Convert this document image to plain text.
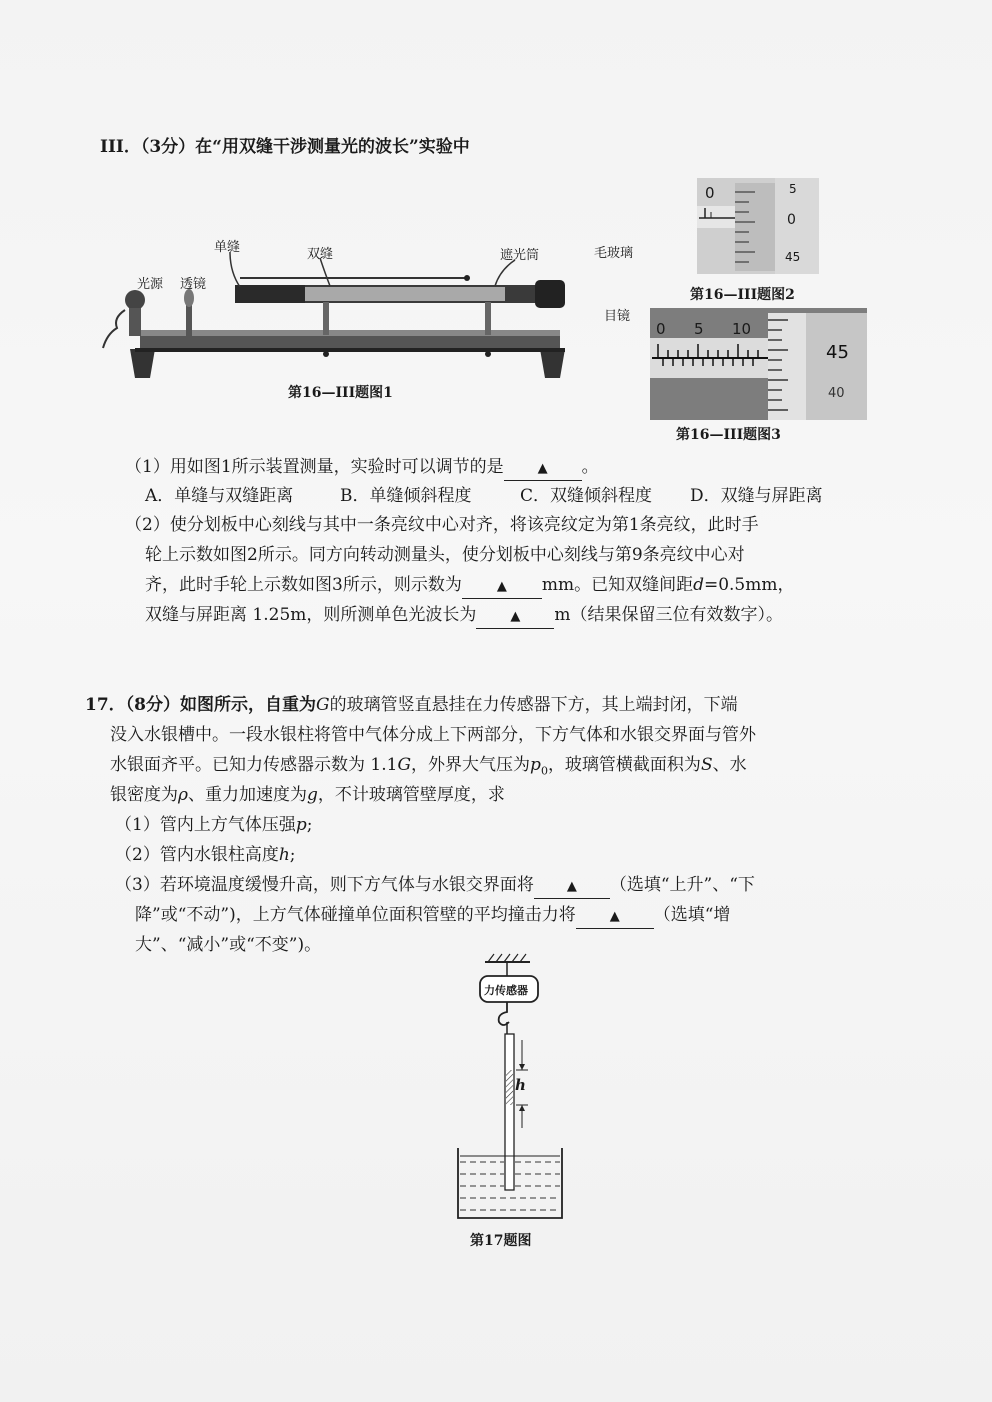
III．（3分）在“用双缝干涉测量光的波长”实验中
单缝	双缝	遮光筒	毛玻璃
光源 透镜
目镜
第16—III题图1
0	5
0
45
第16—III题图2
0 5 10
45
40
第16—III题图3
（1）用如图1所示装置测量，实验时可以调节的是	▲ 。
A．单缝与双缝距离	B．单缝倾斜程度	C．双缝倾斜程度	D．双缝与屏距离
（2）使分划板中心刻线与其中一条亮纹中心对齐，将该亮纹定为第1条亮纹，此时手
轮上示数如图2所示。同方向转动测量头，使分划板中心刻线与第9条亮纹中心对
齐，此时手轮上示数如图3所示，则示数为	▲ mm。已知双缝间距d=0.5mm，
双缝与屏距离 1.25m，则所测单色光波长为	▲ m（结果保留三位有效数字）。
17．（8分）如图所示，自重为G的玻璃管竖直悬挂在力传感器下方，其上端封闭，下端
没入水银槽中。一段水银柱将管中气体分成上下两部分，下方气体和水银交界面与管外
水银面齐平。已知力传感器示数为 1.1G，外界大气压为$p_0$，玻璃管横截面积为S、水
银密度为ρ、重力加速度为g，不计玻璃管壁厚度，求
（1）管内上方气体压强p;
（2）管内水银柱高度h;
（3）若环境温度缓慢升高，则下方气体与水银交界面将	▲ （选填“上升”、“下
降”或“不动”)，上方气体碰撞单位面积管壁的平均撞击力将	▲ （选填“增
大”、“减小”或“不变”)。
力传感器
h
第17题图
